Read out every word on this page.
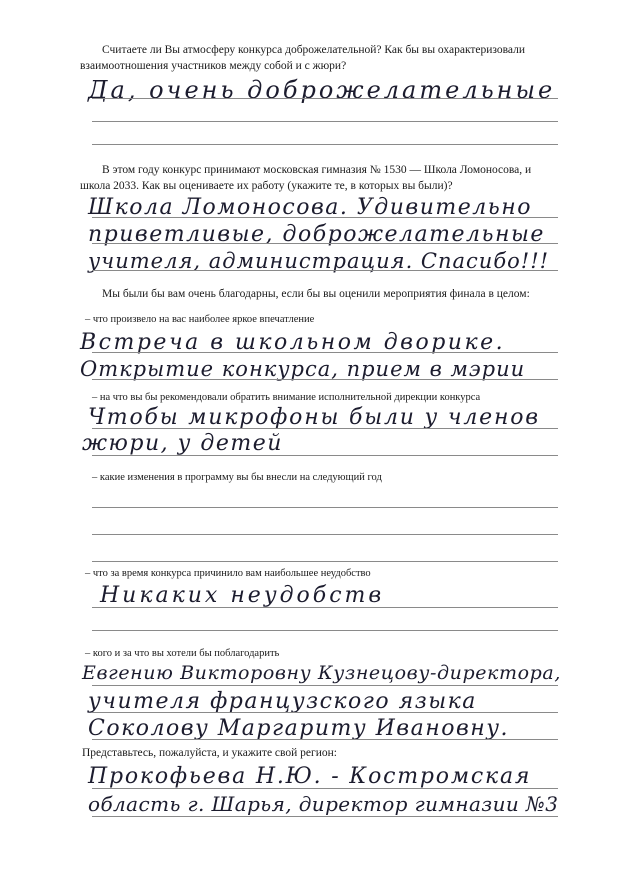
Считаете ли Вы атмосферу конкурса доброжелательной? Как бы вы охарактеризовали взаимоотношения участников между собой и с жюри?

Да, очень доброжелательные

В этом году конкурс принимают московская гимназия № 1530 — Школа Ломоносова, и школа 2033. Как вы оцениваете их работу (укажите те, в которых вы были)?

Школа Ломоносова. Удивительно
приветливые, доброжелательные
учителя, администрация. Спасибо!!!

Мы были бы вам очень благодарны, если бы вы оценили мероприятия финала в целом:

– что произвело на вас наиболее яркое впечатление

Встреча в школьном дворике.
Открытие конкурса, прием в мэрии

– на что вы бы рекомендовали обратить внимание исполнительной дирекции конкурса

Чтобы микрофоны были у членов
жюри, у детей

– какие изменения в программу вы бы внесли на следующий год

– что за время конкурса причинило вам наибольшее неудобство

Никаких неудобств

– кого и за что вы хотели бы поблагодарить

Евгению Викторовну Кузнецову-директора,
учителя французского языка
Соколову Маргариту Ивановну.

Представьтесь, пожалуйста, и укажите свой регион:

Прокофьева Н.Ю. - Костромская
область г. Шарья, директор гимназии №3
